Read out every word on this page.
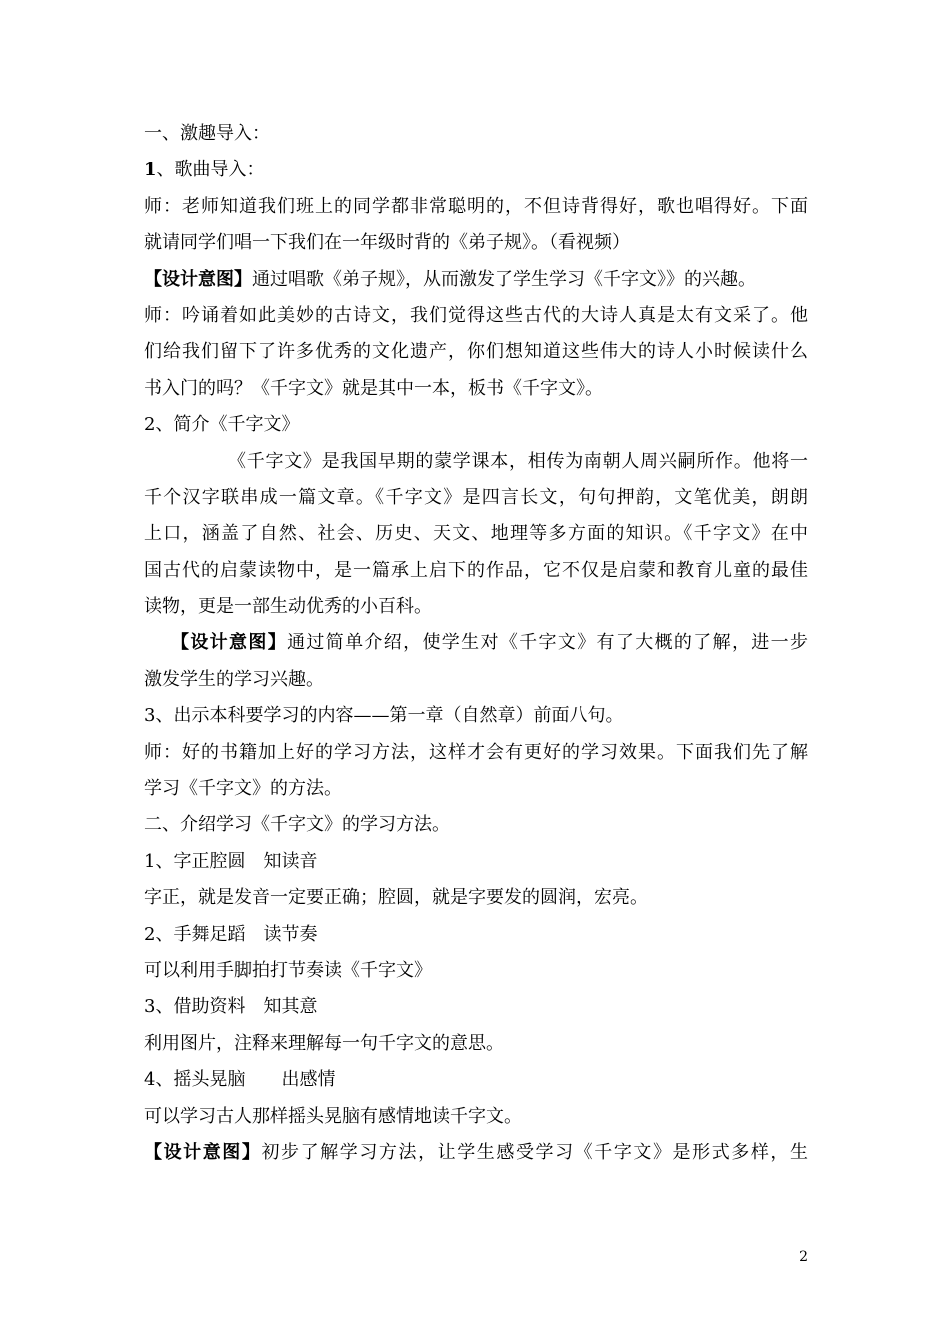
一、激趣导入：
1、歌曲导入：
师：老师知道我们班上的同学都非常聪明的，不但诗背得好，歌也唱得好。下面
就请同学们唱一下我们在一年级时背的《弟子规》。（看视频）
【设计意图】通过唱歌《弟子规》，从而激发了学生学习《千字文》》的兴趣。
师：吟诵着如此美妙的古诗文，我们觉得这些古代的大诗人真是太有文采了。他
们给我们留下了许多优秀的文化遗产，你们想知道这些伟大的诗人小时候读什么
书入门的吗？《千字文》就是其中一本，板书《千字文》。
2、简介《千字文》
《千字文》是我国早期的蒙学课本，相传为南朝人周兴嗣所作。他将一
千个汉字联串成一篇文章。《千字文》是四言长文，句句押韵，文笔优美，朗朗
上口，涵盖了自然、社会、历史、天文、地理等多方面的知识。《千字文》在中
国古代的启蒙读物中，是一篇承上启下的作品，它不仅是启蒙和教育儿童的最佳
读物，更是一部生动优秀的小百科。
【设计意图】通过简单介绍，使学生对《千字文》有了大概的了解，进一步
激发学生的学习兴趣。
3、出示本科要学习的内容——第一章（自然章）前面八句。
师：好的书籍加上好的学习方法，这样才会有更好的学习效果。下面我们先了解
学习《千字文》的方法。
二、介绍学习《千字文》的学习方法。
1、字正腔圆　知读音
字正，就是发音一定要正确；腔圆，就是字要发的圆润，宏亮。
2、手舞足蹈　读节奏
可以利用手脚拍打节奏读《千字文》
3、借助资料　知其意
利用图片，注释来理解每一句千字文的意思。
4、摇头晃脑　　出感情
可以学习古人那样摇头晃脑有感情地读千字文。
【设计意图】初步了解学习方法，让学生感受学习《千字文》是形式多样，生
2
